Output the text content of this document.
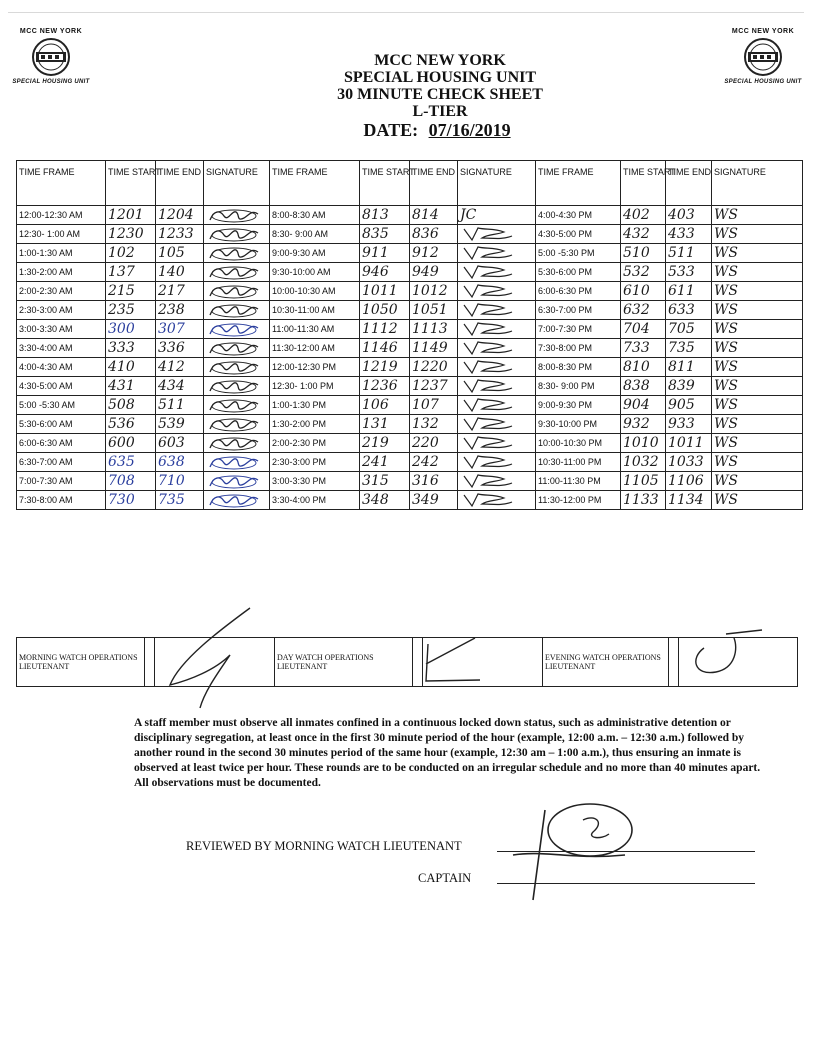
MCC NEW YORK
SPECIAL HOUSING UNIT
MCC NEW YORK
SPECIAL HOUSING UNIT
MCC NEW YORK
SPECIAL HOUSING UNIT
30 MINUTE CHECK SHEET
L-TIER
DATE: 07/16/2019
TIME FRAME	TIME START	TIME END	SIGNATURE	TIME FRAME	TIME START	TIME END	SIGNATURE	TIME FRAME	TIME START	TIME END	SIGNATURE
12:00-12:30 AM	1201	1204		8:00-8:30 AM	813	814	JC	4:00-4:30 PM	402	403	WS
12:30- 1:00 AM	1230	1233		8:30- 9:00 AM	835	836		4:30-5:00 PM	432	433	WS
1:00-1:30 AM	102	105		9:00-9:30 AM	911	912		5:00 -5:30 PM	510	511	WS
1:30-2:00 AM	137	140		9:30-10:00 AM	946	949		5:30-6:00 PM	532	533	WS
2:00-2:30 AM	215	217		10:00-10:30 AM	1011	1012		6:00-6:30 PM	610	611	WS
2:30-3:00 AM	235	238		10:30-11:00 AM	1050	1051		6:30-7:00 PM	632	633	WS
3:00-3:30 AM	300	307		11:00-11:30 AM	1112	1113		7:00-7:30 PM	704	705	WS
3:30-4:00 AM	333	336		11:30-12:00 AM	1146	1149		7:30-8:00 PM	733	735	WS
4:00-4:30 AM	410	412		12:00-12:30 PM	1219	1220		8:00-8:30 PM	810	811	WS
4:30-5:00 AM	431	434		12:30- 1:00 PM	1236	1237		8:30- 9:00 PM	838	839	WS
5:00 -5:30 AM	508	511		1:00-1:30 PM	106	107		9:00-9:30 PM	904	905	WS
5:30-6:00 AM	536	539		1:30-2:00 PM	131	132		9:30-10:00 PM	932	933	WS
6:00-6:30 AM	600	603		2:00-2:30 PM	219	220		10:00-10:30 PM	1010	1011	WS
6:30-7:00 AM	635	638		2:30-3:00 PM	241	242		10:30-11:00 PM	1032	1033	WS
7:00-7:30 AM	708	710		3:00-3:30 PM	315	316		11:00-11:30 PM	1105	1106	WS
7:30-8:00 AM	730	735		3:30-4:00 PM	348	349		11:30-12:00 PM	1133	1134	WS
MORNING WATCH OPERATIONS LIEUTENANT			DAY WATCH OPERATIONS LIEUTENANT			EVENING WATCH OPERATIONS LIEUTENANT		
A staff member must observe all inmates confined in a continuous locked down status, such as administrative detention or disciplinary segregation, at least once in the first 30 minute period of the hour (example, 12:00 a.m. – 12:30 a.m.) followed by another round in the second 30 minutes period of the same hour (example, 12:30 am – 1:00 a.m.), thus ensuring an inmate is observed at least twice per hour. These rounds are to be conducted on an irregular schedule and no more than 40 minutes apart. All observations must be documented.
REVIEWED BY MORNING WATCH LIEUTENANT
CAPTAIN
